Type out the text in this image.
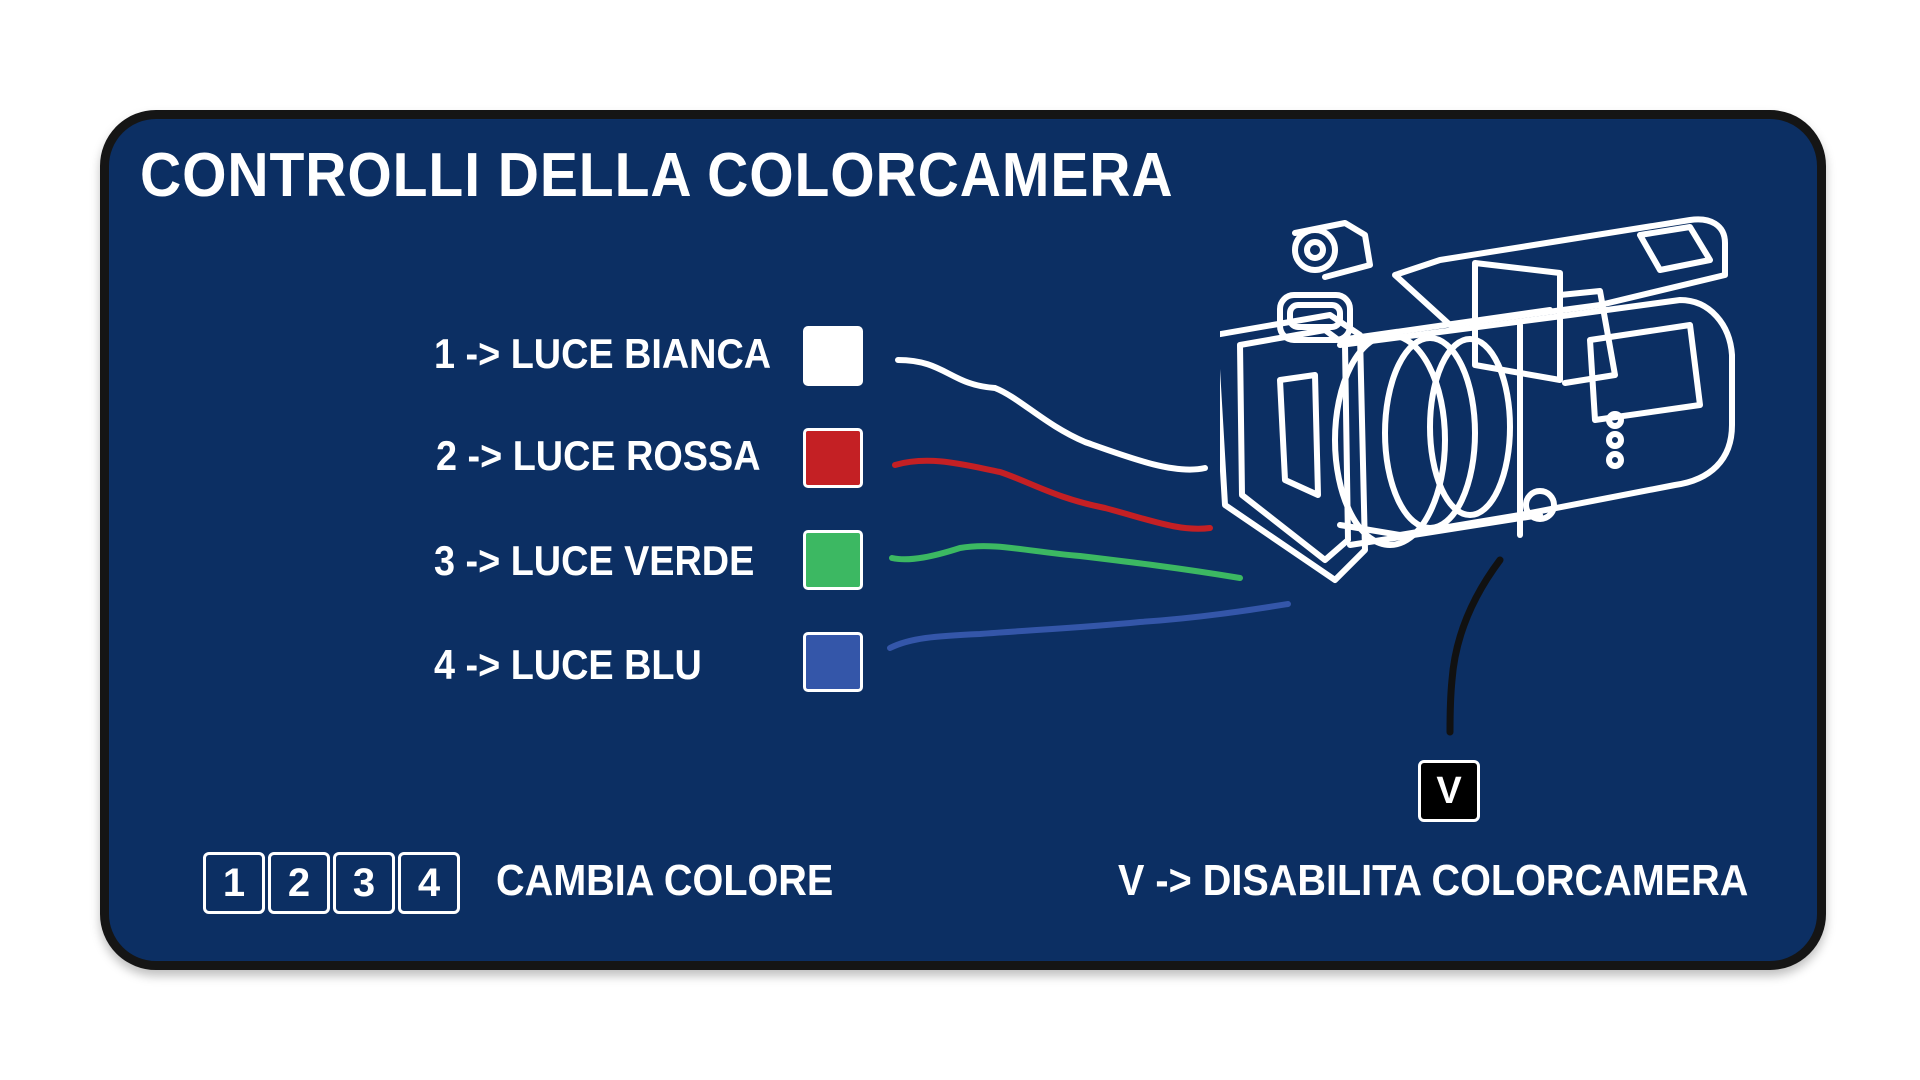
CONTROLLI DELLA COLORCAMERA
1 -> LUCE BIANCA
2 -> LUCE ROSSA
3 -> LUCE VERDE
4 -> LUCE BLU
V
1	2	3	4	CAMBIA COLORE	V -> DISABILITA COLORCAMERA
